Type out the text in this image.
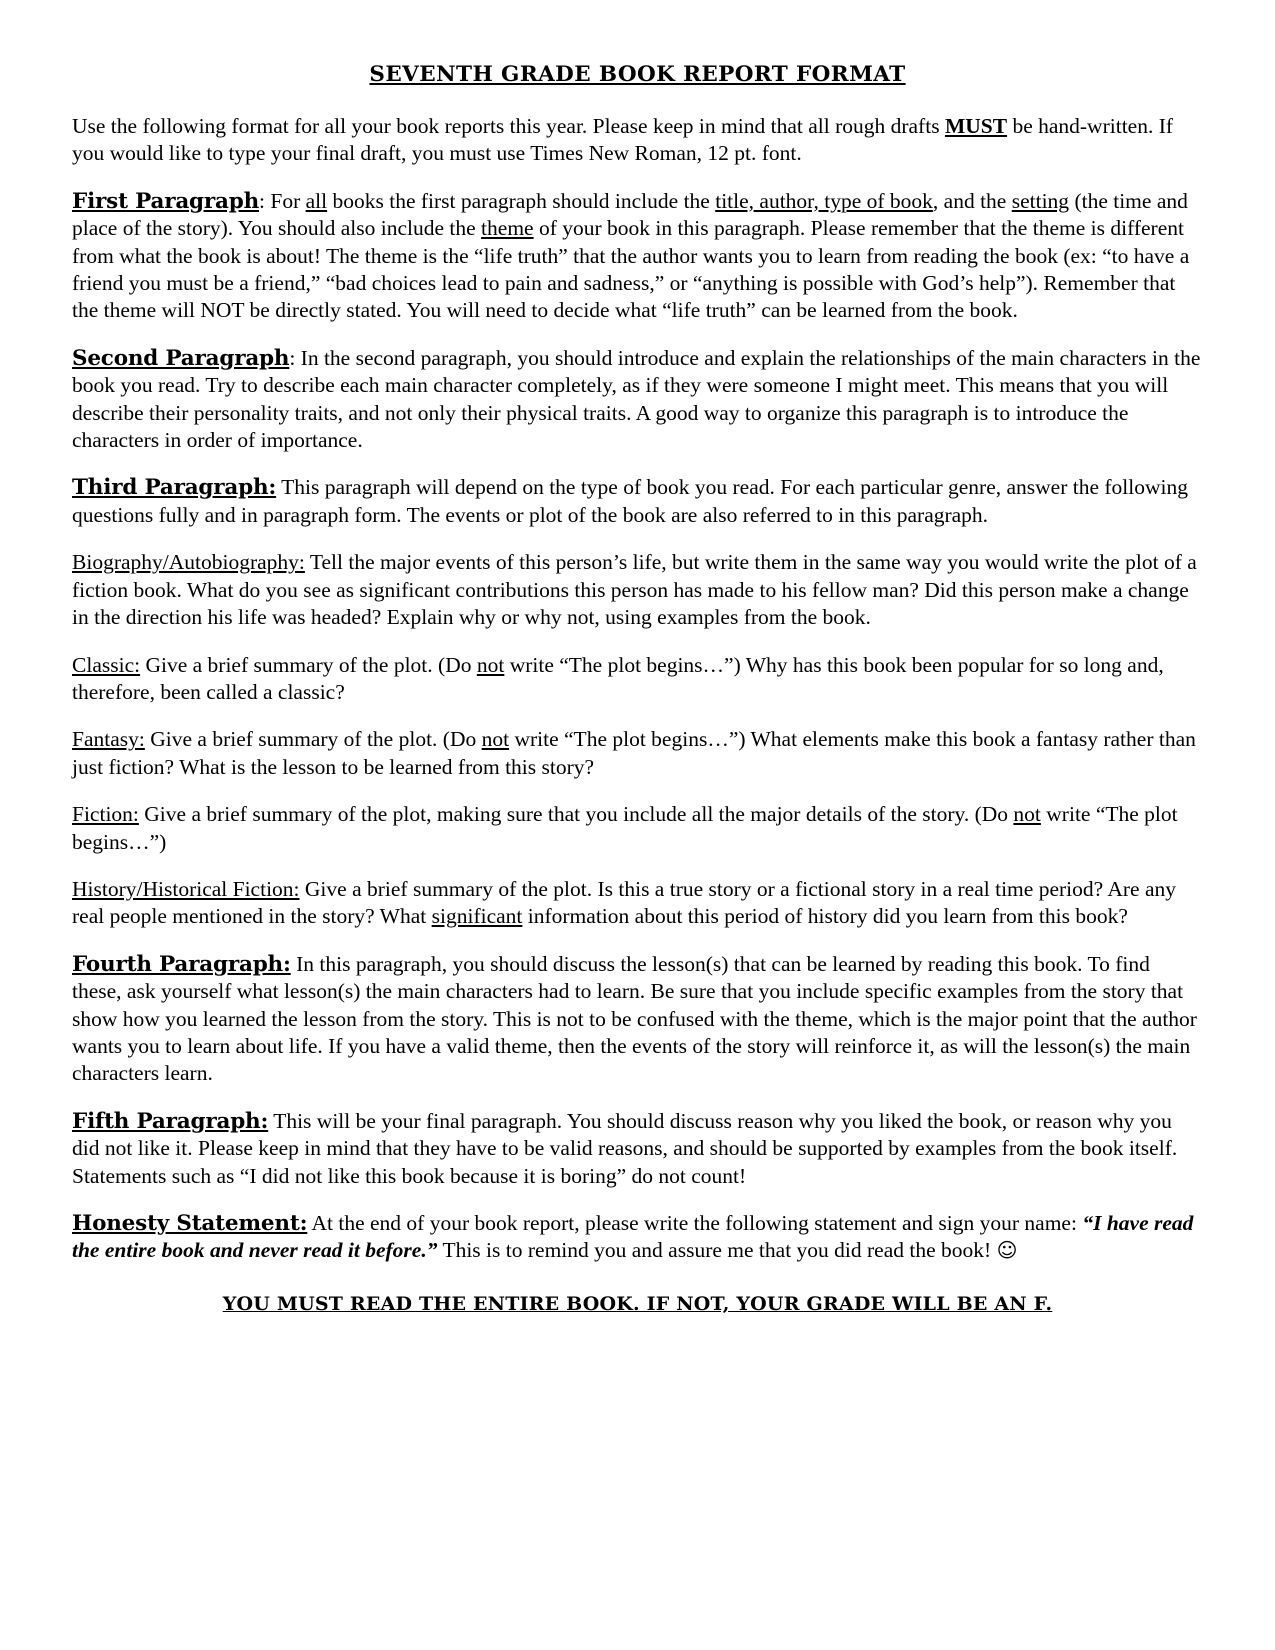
SEVENTH GRADE BOOK REPORT FORMAT

Use the following format for all your book reports this year. Please keep in mind that all rough drafts MUST be hand-written. If you would like to type your final draft, you must use Times New Roman, 12 pt. font.

First Paragraph: For all books the first paragraph should include the title, author, type of book, and the setting (the time and place of the story). You should also include the theme of your book in this paragraph. Please remember that the theme is different from what the book is about! The theme is the “life truth” that the author wants you to learn from reading the book (ex: “to have a friend you must be a friend,” “bad choices lead to pain and sadness,” or “anything is possible with God’s help”). Remember that the theme will NOT be directly stated. You will need to decide what “life truth” can be learned from the book.

Second Paragraph: In the second paragraph, you should introduce and explain the relationships of the main characters in the book you read. Try to describe each main character completely, as if they were someone I might meet. This means that you will describe their personality traits, and not only their physical traits. A good way to organize this paragraph is to introduce the characters in order of importance.

Third Paragraph: This paragraph will depend on the type of book you read. For each particular genre, answer the following questions fully and in paragraph form. The events or plot of the book are also referred to in this paragraph.

Biography/Autobiography: Tell the major events of this person’s life, but write them in the same way you would write the plot of a fiction book. What do you see as significant contributions this person has made to his fellow man? Did this person make a change in the direction his life was headed? Explain why or why not, using examples from the book.

Classic: Give a brief summary of the plot. (Do not write “The plot begins…”) Why has this book been popular for so long and, therefore, been called a classic?

Fantasy: Give a brief summary of the plot. (Do not write “The plot begins…”) What elements make this book a fantasy rather than just fiction? What is the lesson to be learned from this story?

Fiction: Give a brief summary of the plot, making sure that you include all the major details of the story. (Do not write “The plot begins…”)

History/Historical Fiction: Give a brief summary of the plot. Is this a true story or a fictional story in a real time period? Are any real people mentioned in the story? What significant information about this period of history did you learn from this book?

Fourth Paragraph: In this paragraph, you should discuss the lesson(s) that can be learned by reading this book. To find these, ask yourself what lesson(s) the main characters had to learn. Be sure that you include specific examples from the story that show how you learned the lesson from the story. This is not to be confused with the theme, which is the major point that the author wants you to learn about life. If you have a valid theme, then the events of the story will reinforce it, as will the lesson(s) the main characters learn.

Fifth Paragraph: This will be your final paragraph. You should discuss reason why you liked the book, or reason why you did not like it. Please keep in mind that they have to be valid reasons, and should be supported by examples from the book itself. Statements such as “I did not like this book because it is boring” do not count!

Honesty Statement: At the end of your book report, please write the following statement and sign your name: “I have read the entire book and never read it before.” This is to remind you and assure me that you did read the book! ☺

YOU MUST READ THE ENTIRE BOOK. IF NOT, YOUR GRADE WILL BE AN F.
